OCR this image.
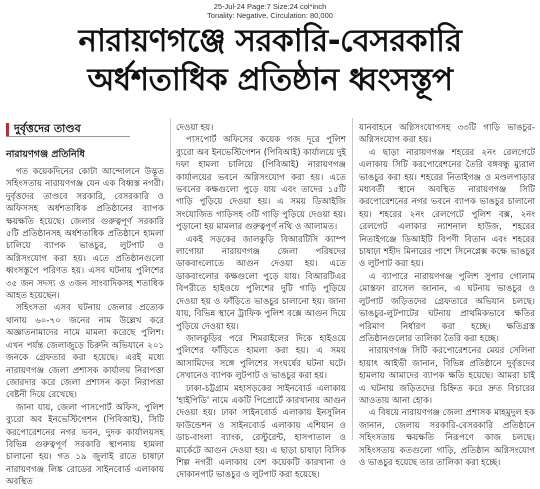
25-Jul-24 Page:7 Size:24 col*inch
Tonality: Negative, Circulation: 80,000
নারায়ণগঞ্জে সরকারি-বেসরকারি
অর্ধশতাধিক প্রতিষ্ঠান ধ্বংসস্তূপ
দুর্বৃত্তদের তাণ্ডব
নারায়ণগঞ্জ প্রতিনিধি

গত কয়েকদিনের কোটা আন্দোলনে উদ্ভূত সহিংসতায় নারায়ণগঞ্জ যেন এক বিধ্বস্ত নগরী। দুর্বৃত্তদের তাণ্ডবে সরকারি, বেসরকারি ও অফিসসহ অর্ধশতাধিক প্রতিষ্ঠানের ব্যাপক ক্ষয়ক্ষতি হয়েছে। জেলার গুরুত্বপূর্ণ সরকারি ৫টি প্রতিষ্ঠানসহ অর্ধশতাধিক প্রতিষ্ঠানে হামলা চালিয়ে ব্যাপক ভাঙচুর, লুটপাট ও অগ্নিসংযোগ করা হয়। এতে প্রতিষ্ঠানগুলো ধ্বংসস্তূপে পরিণত হয়। এসব ঘটনায় পুলিশের ৩৫ জন সদস্য ও ৩জন সাংবাদিকসহ শতাধিক আহত হয়েছেন।

সহিংসতা এসব ঘটনায় জেলার প্রত্যেক থানায় ৬০-৭০ জনের নাম উল্লেখ করে অজ্ঞাতনামাদের নামে মামলা করেছে পুলিশ। এখন পর্যন্ত জেলাজুড়ে চিরুনি অভিযানে ২০১ জনকে গ্রেফতার করা হয়েছে। এরই মধ্যে নারায়ণগঞ্জ জেলা প্রশাসক কার্যালয় নিরাপত্তা জোরদার করে জেলা প্রশাসন কড়া নিরাপত্তা বেষ্টনী দিয়ে রেখেছে।

জানা যায়, জেলা পাসপোর্ট অফিস, পুলিশ ব্যুরো অব ইনভেস্টিগেশন (পিবিআই), সিটি করপোরেশনের নগর ভবন, দুদক কার্যালয়সহ বিভিন্ন গুরুত্বপূর্ণ সরকারি স্থাপনায় হামলা চালানো হয়। গত ১৯ জুলাই রাতে চাষাঢ়া নারায়ণগঞ্জ লিঙ্ক রোডের সাইনবোর্ড এলাকায় অবস্থিত

দেওয়া হয়।

পাসপোর্ট অফিসের কয়েক গজ দূরে পুলিশ ব্যুরো অব ইনভেস্টিগেশন (পিবিআই) কার্যালয়ে দুই দফা হামলা চালিয়ে (পিবিআই) নারায়ণগঞ্জ কার্যালয়ের ভবনে অগ্নিসংযোগ করা হয়। এতে ভবনের কক্ষগুলো পুড়ে যায় এবং তাদের ১৫টি গাড়ি পুড়িয়ে দেওয়া হয়। এ সময় ডিআইজি সংযোজিত গাড়িসহ ৩টি গাড়ি পুড়িয়ে দেওয়া হয়। পুড়ানো হয় মামলার গুরুত্বপূর্ণ নথি ও আলামত।

একই সড়কের জালকুড়ি বিআরটিসি ক্যাম্প লাগোয়া নারায়ণগঞ্জ জেলা পরিষদের ডাকবাংলোতে আগুন দেওয়া হয়। এতে ডাকবাংলোর কক্ষগুলো পুড়ে যায়। বিআরটিএর বিপরীতে হাইওয়ে পুলিশের দুটি গাড়ি পুড়িয়ে দেওয়া হয় ও ফাঁড়িতে ভাঙচুর চালানো হয়। জানা যায়, বিভিন্ন স্থানে ট্রাফিক পুলিশ বক্সে আগুন দিয়ে পুড়িয়ে দেওয়া হয়।

জালকুড়ির পরে শিমরাইলের দিকে হাইওয়ে পুলিশের ফাঁড়িতে হামলা করা হয়। এ সময় আসামিদের সঙ্গে পুলিশের সংঘর্ষের ঘটনা ঘটে। সেখানেও ব্যাপক লুটপাট ও ভাঙচুর করা হয়।

ঢাকা-চট্টগ্রাম মহাসড়কের সাইনবোর্ড এলাকায় 'হাইপিডি' নামে একটি পিপ্রোর্টে কারখানায় আগুন দেওয়া হয়। ঢাকা সাইনবোর্ড এলাকায় ইনসুলিন ফাউন্ডেশন ও সাইনবোর্ড এলাকায় এশিয়ান ও ডাচ-বাংলা ব্যাংক, রেস্টুরেন্ট, হাসপাতাল ও মার্কেটে আগুন দেওয়া হয়। এ ছাড়া চাষাঢ়া বিসিক শিল্প নগরী এলাকায় বেশ কয়েকটি কারখানা ও দোকানপাট ভাঙচুর ও লুটপাট করা হয়েছে।

যানবাহনে অগ্নিসংযোগসহ ৩৩টি গাড়ি ভাঙচুর-অগ্নিসংযোগ করা হয়।

এ ছাড়া নারায়ণগঞ্জ শহরের ২নং রেলগেটে এলাকায় সিটি করপোরেশনের তৈরি বঙ্গবন্ধু ম্যুরাল ভাঙচুর করা হয়। শহরের নিতাইগঞ্জ ও মণ্ডলপাড়ার মধ্যবর্তী স্থানে অবস্থিত নারায়ণগঞ্জ সিটি করপোরেশনের নগর ভবনে ব্যাপক ভাঙচুর চালানো হয়। শহরের ২নং রেলগেটে পুলিশ বক্স, ২নং রেলগেট এলাকার ন্যাশনাল হাউজ, শহরের নিতাইগঞ্জে ডিআইটি বিপণী বিতান এবং শহরের চাষাঢ়া শহীদ মিনারের পাশে সিনেপ্লেক্স কক্ষে ভাঙচুর ও লুটপাট করা হয়।

এ ব্যাপারে নারায়ণগঞ্জ পুলিশ সুপার গোলাম মোস্তফা রাসেল জানান, এ ঘটনায় ভাঙচুর ও লুটপাট জড়িতদের গ্রেফতারে অভিযান চলছে। ভাঙচুর-লুটপাটের ঘটনায় প্রাথমিকভাবে ক্ষতির পরিমাণ নির্ধারণ করা হচ্ছে। ক্ষতিগ্রস্ত প্রতিষ্ঠানগুলোর তালিকা তৈরি করা হচ্ছে।

নারায়ণগঞ্জ সিটি করপোরেশনের মেয়র সেলিনা হায়াৎ আইভী জানান, বিভিন্ন প্রতিষ্ঠানে দুর্বৃত্তদের হামলায় আমাদের ব্যাপক ক্ষতি হয়েছে। আমরা চাই এ ঘটনায় জড়িতদের চিহ্নিত করে দ্রুত বিচারের আওতায় আনা হোক।

এ বিষয়ে নারায়ণগঞ্জ জেলা প্রশাসক মাহমুদুল হক জানান, জেলায় সরকারি-বেসরকারি প্রতিষ্ঠানে সহিংসতায় ক্ষয়ক্ষতি নিরূপণে কাজ চলছে। সহিংসতায় কতগুলো গাড়ি, প্রতিষ্ঠান অগ্নিসংযোগ ও ভাঙচুর হয়েছে তার তালিকা করা হচ্ছে।
